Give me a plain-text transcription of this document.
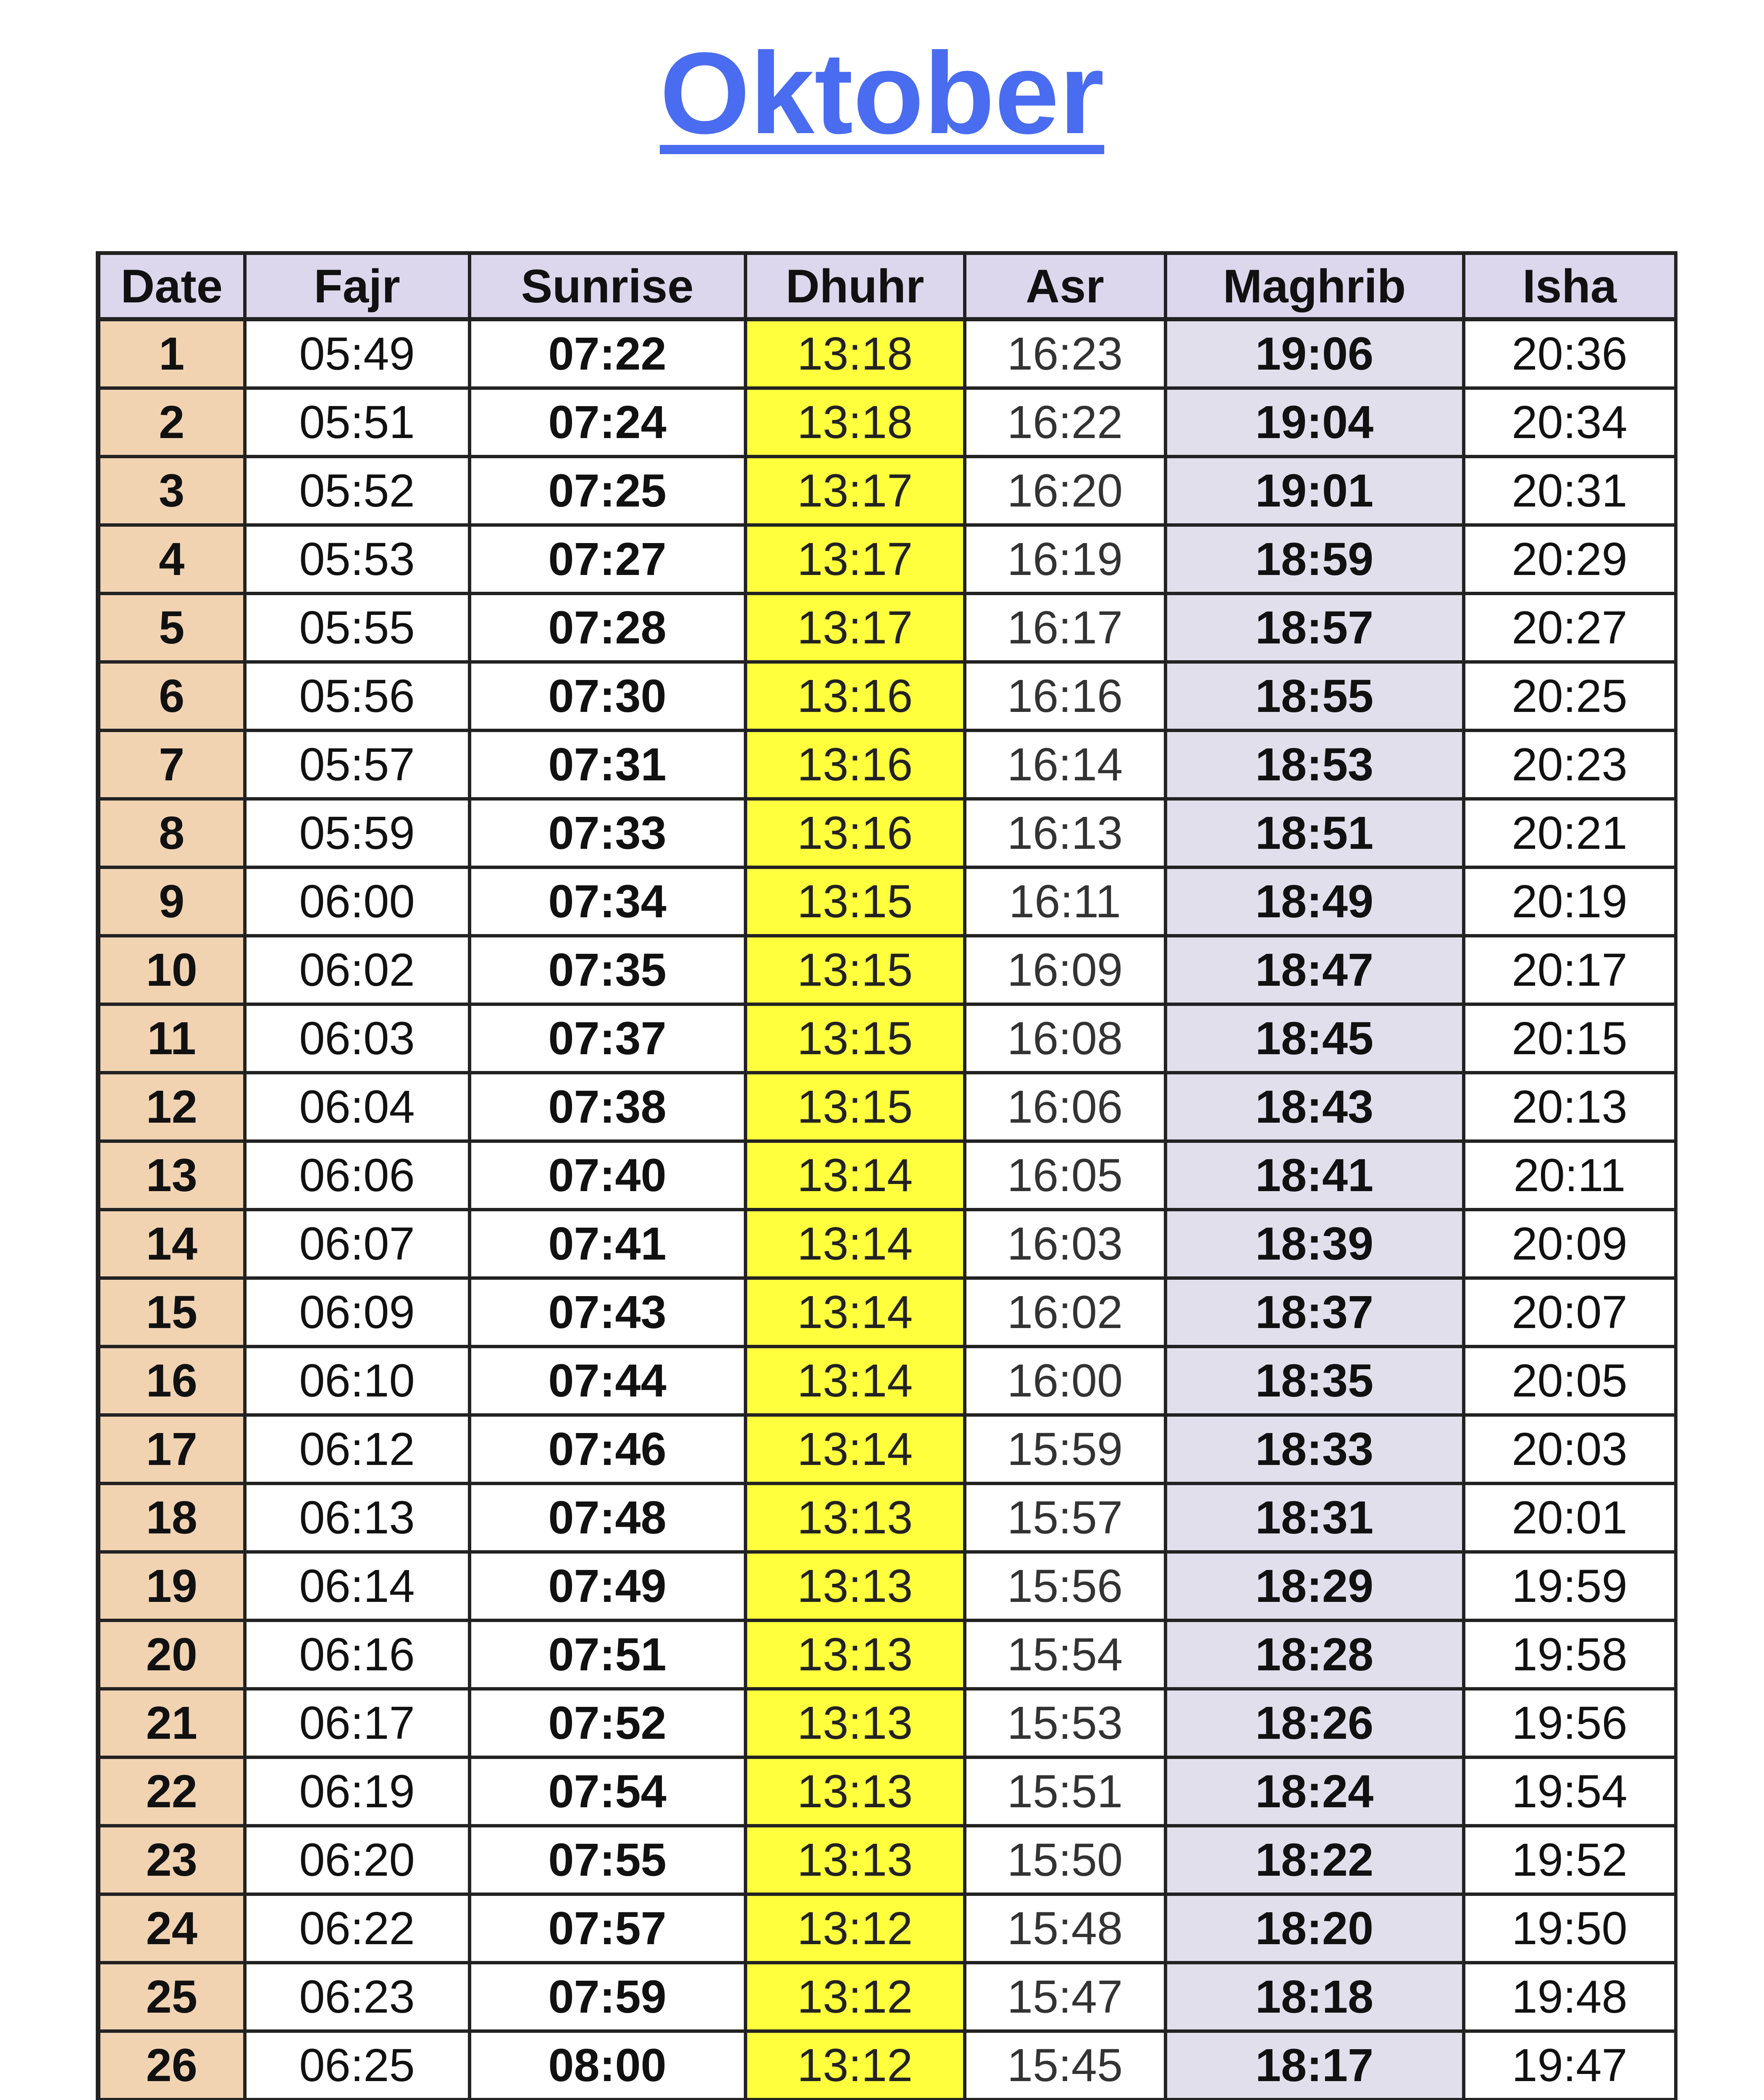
Oktober
Date	Fajr	Sunrise	Dhuhr	Asr	Maghrib	Isha
1	05:49	07:22	13:18	16:23	19:06	20:36
2	05:51	07:24	13:18	16:22	19:04	20:34
3	05:52	07:25	13:17	16:20	19:01	20:31
4	05:53	07:27	13:17	16:19	18:59	20:29
5	05:55	07:28	13:17	16:17	18:57	20:27
6	05:56	07:30	13:16	16:16	18:55	20:25
7	05:57	07:31	13:16	16:14	18:53	20:23
8	05:59	07:33	13:16	16:13	18:51	20:21
9	06:00	07:34	13:15	16:11	18:49	20:19
10	06:02	07:35	13:15	16:09	18:47	20:17
11	06:03	07:37	13:15	16:08	18:45	20:15
12	06:04	07:38	13:15	16:06	18:43	20:13
13	06:06	07:40	13:14	16:05	18:41	20:11
14	06:07	07:41	13:14	16:03	18:39	20:09
15	06:09	07:43	13:14	16:02	18:37	20:07
16	06:10	07:44	13:14	16:00	18:35	20:05
17	06:12	07:46	13:14	15:59	18:33	20:03
18	06:13	07:48	13:13	15:57	18:31	20:01
19	06:14	07:49	13:13	15:56	18:29	19:59
20	06:16	07:51	13:13	15:54	18:28	19:58
21	06:17	07:52	13:13	15:53	18:26	19:56
22	06:19	07:54	13:13	15:51	18:24	19:54
23	06:20	07:55	13:13	15:50	18:22	19:52
24	06:22	07:57	13:12	15:48	18:20	19:50
25	06:23	07:59	13:12	15:47	18:18	19:48
26	06:25	08:00	13:12	15:45	18:17	19:47
